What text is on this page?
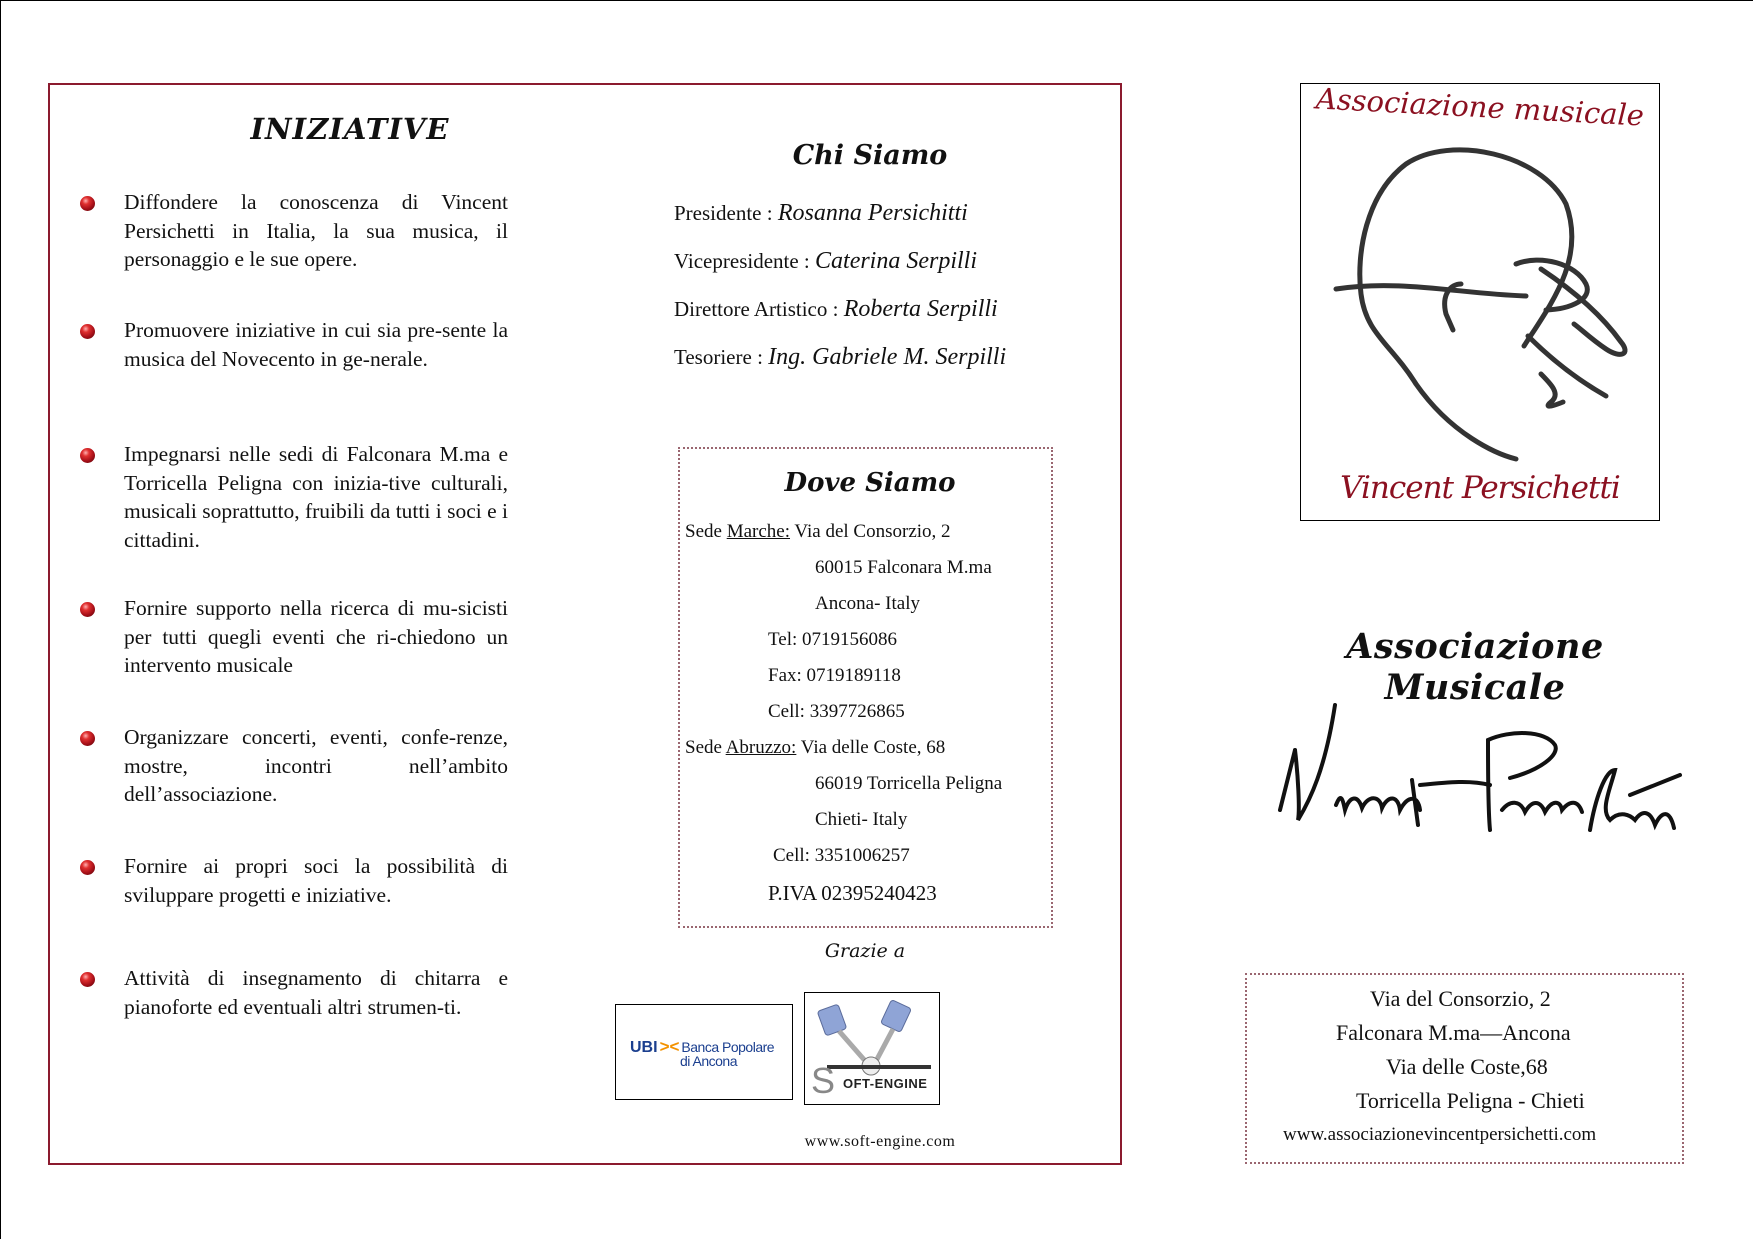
INIZIATIVE
Diffondere la conoscenza di Vincent Persichetti in Italia, la sua musica, il personaggio e le sue opere.
Promuovere iniziative in cui sia pre-sente la musica del Novecento in ge-nerale.
Impegnarsi nelle sedi di Falconara M.ma e Torricella Peligna con inizia-tive culturali, musicali soprattutto, fruibili da tutti i soci e i cittadini.
Fornire supporto nella ricerca di mu-sicisti per tutti quegli eventi che ri-chiedono un intervento musicale
Organizzare concerti, eventi, confe-renze, mostre, incontri nell’ambito dell’associazione.
Fornire ai propri soci la possibilità di sviluppare progetti e iniziative.
Attività di insegnamento di chitarra e pianoforte ed eventuali altri strumen-ti.
Chi Siamo
Presidente : Rosanna Persichitti
Vicepresidente : Caterina Serpilli
Direttore Artistico : Roberta Serpilli
Tesoriere : Ing. Gabriele M. Serpilli
Dove Siamo
Sede Marche: Via del Consorzio, 2
60015 Falconara M.ma
Ancona- Italy
Tel: 0719156086
Fax: 0719189118
Cell: 3397726865
Sede Abruzzo: Via delle Coste, 68
66019 Torricella Peligna
Chieti- Italy
Cell: 3351006257
P.IVA 02395240423
Grazie a
UBI >< Banca Popolare
di Ancona S OFT-ENGINE
www.soft-engine.com
Associazione musicale
Vincent Persichetti
Associazione Musicale
Vincent Persichetti
Via del Consorzio, 2
Falconara M.ma—Ancona
Via delle Coste,68
Torricella Peligna - Chieti
www.associazionevincentpersichetti.com
